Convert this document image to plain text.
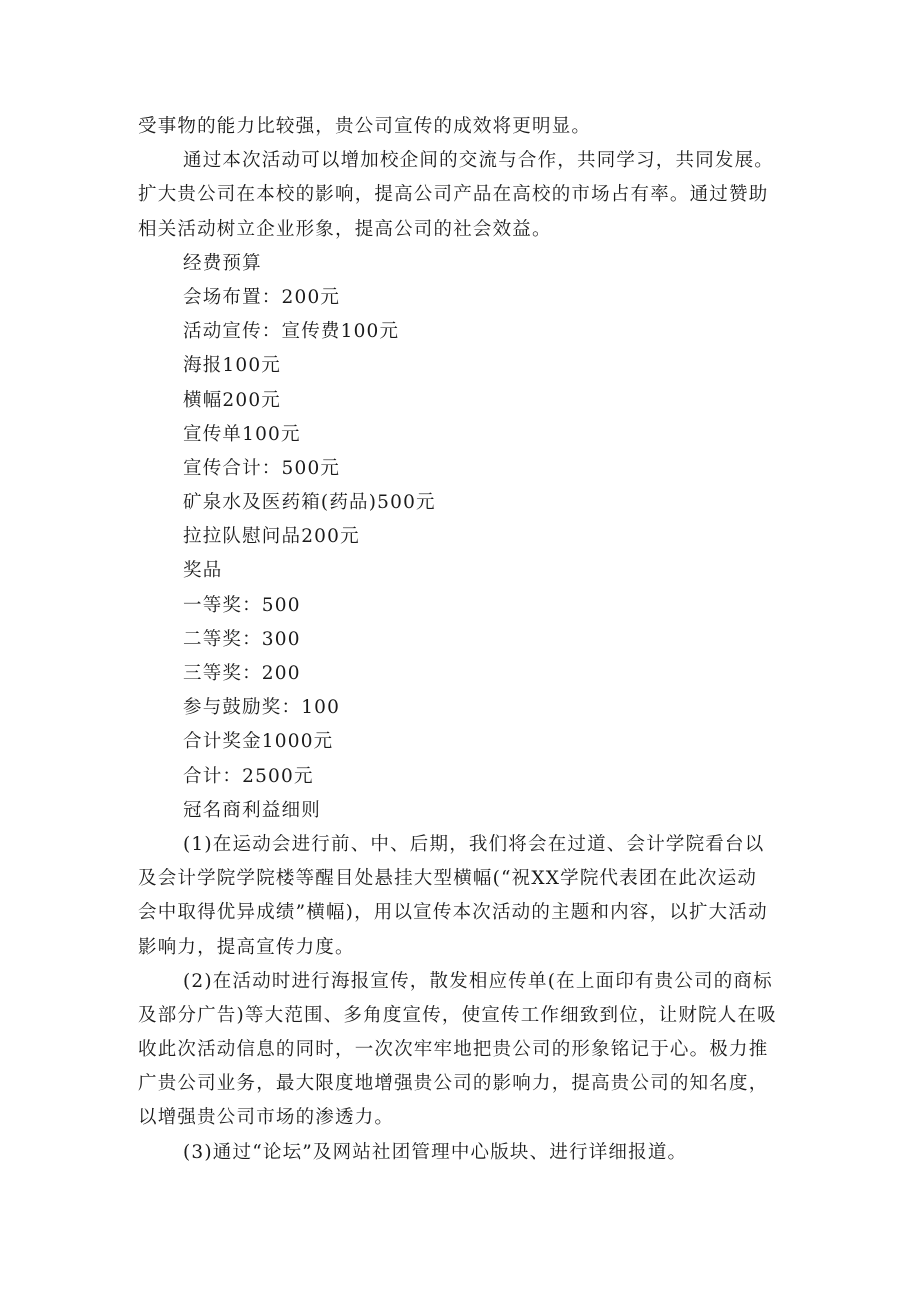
受事物的能力比较强，贵公司宣传的成效将更明显。
通过本次活动可以增加校企间的交流与合作，共同学习，共同发展。
扩大贵公司在本校的影响，提高公司产品在高校的市场占有率。通过赞助
相关活动树立企业形象，提高公司的社会效益。
经费预算
会场布置：200元
活动宣传：宣传费100元
海报100元
横幅200元
宣传单100元
宣传合计：500元
矿泉水及医药箱(药品)500元
拉拉队慰问品200元
奖品
一等奖：500
二等奖：300
三等奖：200
参与鼓励奖：100
合计奖金1000元
合计：2500元
冠名商利益细则
(1)在运动会进行前、中、后期，我们将会在过道、会计学院看台以
及会计学院学院楼等醒目处悬挂大型横幅(“祝XX学院代表团在此次运动
会中取得优异成绩”横幅)，用以宣传本次活动的主题和内容，以扩大活动
影响力，提高宣传力度。
(2)在活动时进行海报宣传，散发相应传单(在上面印有贵公司的商标
及部分广告)等大范围、多角度宣传，使宣传工作细致到位，让财院人在吸
收此次活动信息的同时，一次次牢牢地把贵公司的形象铭记于心。极力推
广贵公司业务，最大限度地增强贵公司的影响力，提高贵公司的知名度，
以增强贵公司市场的渗透力。
(3)通过“论坛”及网站社团管理中心版块、进行详细报道。
